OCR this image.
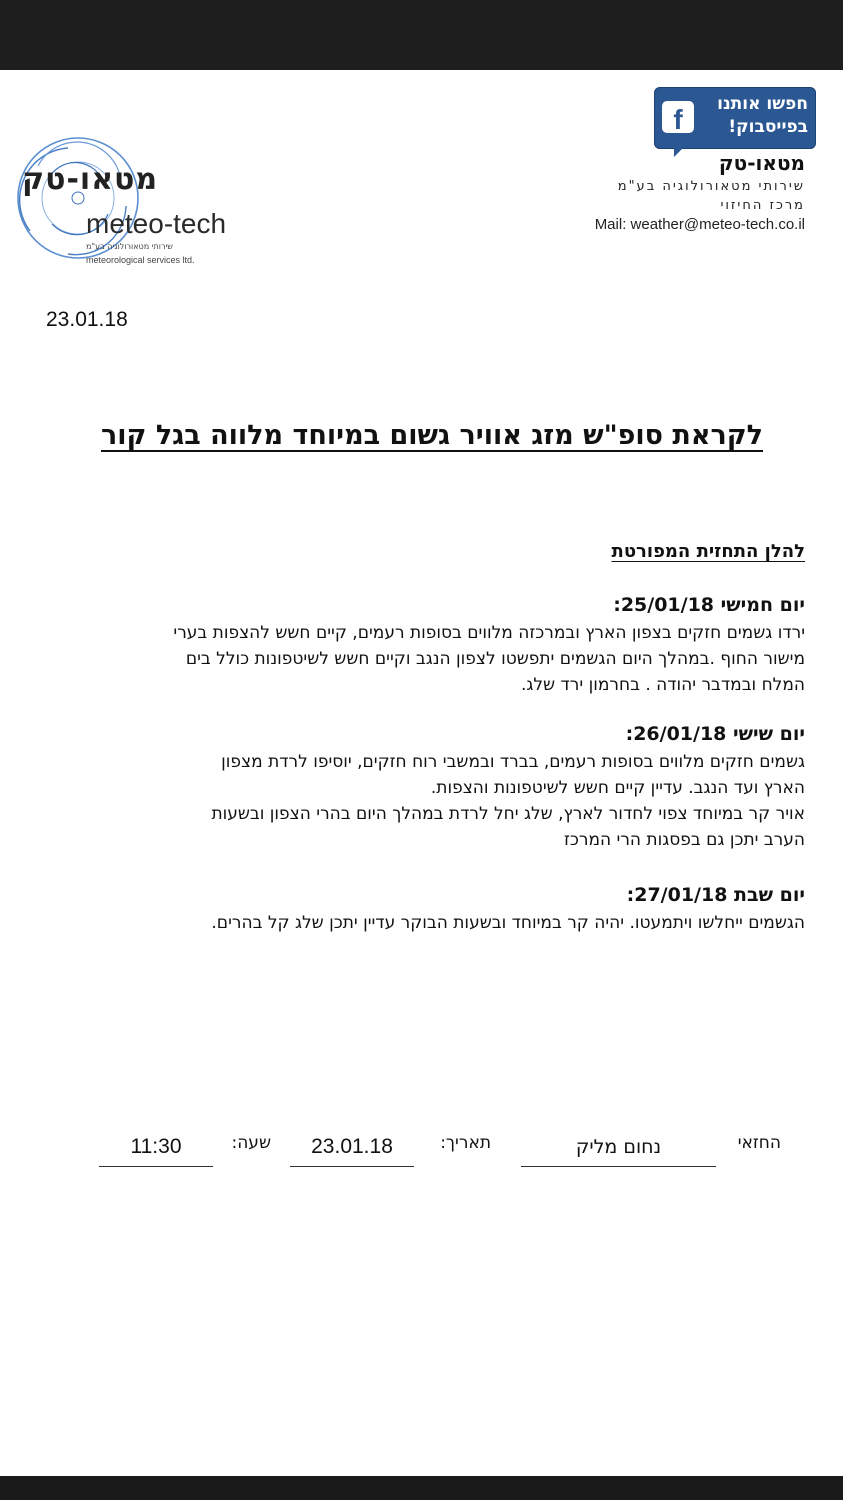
f	חפשו אותנו
בפייסבוק!
מטאו-טק
שירותי מטאורולוגיה בע"מ
מרכז החיזוי
Mail: weather@meteo-tech.co.il
מטאו-טק
meteo-tech
שירותי מטאורולוגיה בע"מ
meteorological services ltd.
23.01.18
לקראת סופ"ש מזג אוויר גשום במיוחד מלווה בגל קור
להלן התחזית המפורטת
יום חמישי 25/01/18:
ירדו גשמים חזקים בצפון הארץ ובמרכזה מלווים בסופות רעמים, קיים חשש להצפות בערי
מישור החוף .במהלך היום הגשמים יתפשטו לצפון הנגב וקיים חשש לשיטפונות כולל בים
המלח ובמדבר יהודה . בחרמון ירד שלג.
יום שישי 26/01/18:
גשמים חזקים מלווים בסופות רעמים, בברד ובמשבי רוח חזקים, יוסיפו לרדת מצפון
הארץ ועד הנגב. עדיין קיים חשש לשיטפונות והצפות.
אויר קר במיוחד צפוי לחדור לארץ, שלג יחל לרדת במהלך היום בהרי הצפון ובשעות
הערב יתכן גם בפסגות הרי המרכז
יום שבת 27/01/18:
הגשמים ייחלשו ויתמעטו. יהיה קר במיוחד ובשעות הבוקר עדיין יתכן שלג קל בהרים.
החזאי
נחום מליק
תאריך:
23.01.18
שעה:
11:30
